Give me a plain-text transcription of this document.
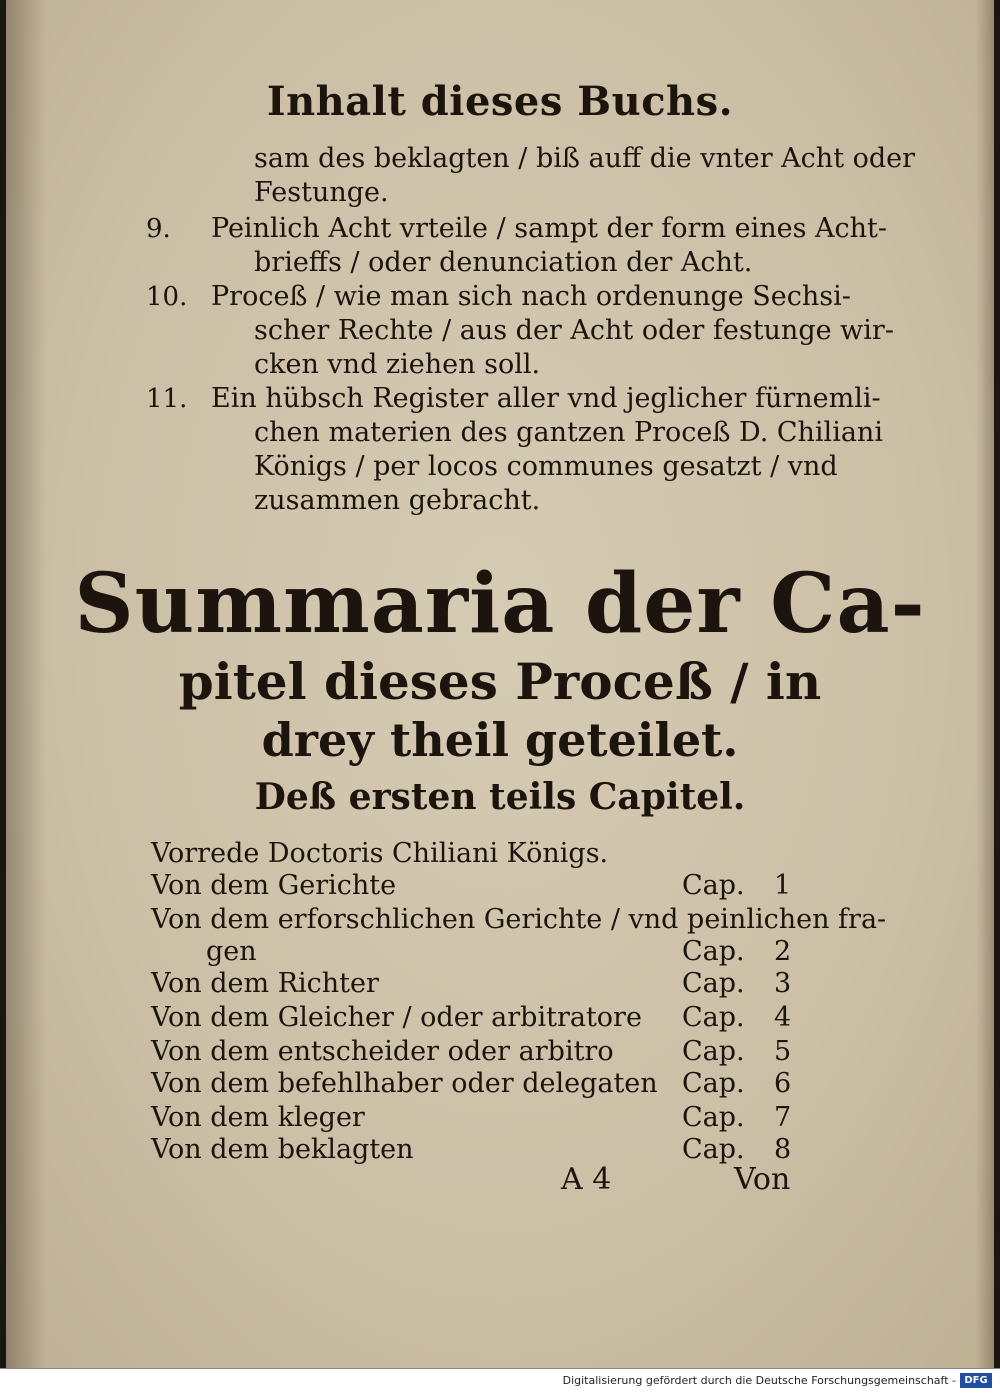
Inhalt dieses Buchs.
sam des beklagten / biß auff die vnter Acht oder
Festunge.
9. Peinlich Acht vrteile / sampt der form eines Acht-
brieffs / oder denunciation der Acht.
10. Proceß / wie man sich nach ordenunge Sechsi-
scher Rechte / aus der Acht oder festunge wir-
cken vnd ziehen soll.
11. Ein hübsch Register aller vnd jeglicher fürnemli-
chen materien des gantzen Proceß D. Chiliani
Königs / per locos communes gesatzt / vnd
zusammen gebracht.
Summaria der Ca-
pitel dieses Proceß / in
drey theil geteilet.
Deß ersten teils Capitel.
Vorrede Doctoris Chiliani Königs.
Von dem Gerichte	Cap. 1
Von dem erforschlichen Gerichte / vnd peinlichen fra-
gen	Cap. 2
Von dem Richter	Cap. 3
Von dem Gleicher / oder arbitratore Cap. 4
Von dem entscheider oder arbitro	Cap. 5
Von dem befehlhaber oder delegaten Cap. 6
Von dem kleger	Cap. 7
Von dem beklagten	Cap. 8
A 4	Von
Digitalisierung gefördert durch die Deutsche Forschungsgemeinschaft - DFG
